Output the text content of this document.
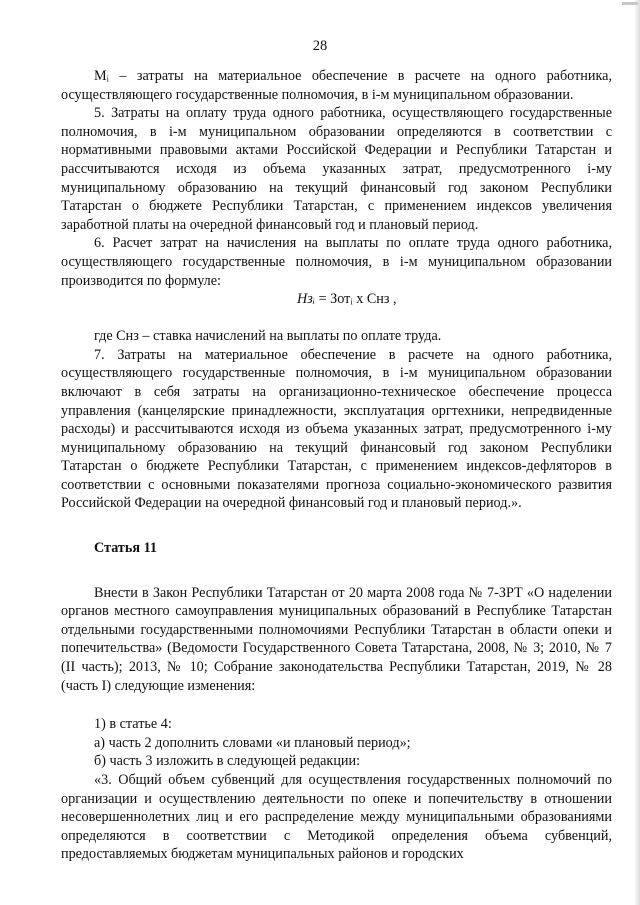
28

Mᵢ – затраты на материальное обеспечение в расчете на одного работника, осуществляющего государственные полномочия, в i-м муниципальном образовании.

5. Затраты на оплату труда одного работника, осуществляющего государственные полномочия, в i-м муниципальном образовании определяются в соответствии с нормативными правовыми актами Российской Федерации и Республики Татарстан и рассчитываются исходя из объема указанных затрат, предусмотренного i-му муниципальному образованию на текущий финансовый год законом Республики Татарстан о бюджете Республики Татарстан, с применением индексов увеличения заработной платы на очередной финансовый год и плановый период.

6. Расчет затрат на начисления на выплаты по оплате труда одного работника, осуществляющего государственные полномочия, в i-м муниципальном образовании производится по формуле:

Нзᵢ = Зотᵢ х Снз ,

где Снз – ставка начислений на выплаты по оплате труда.

7. Затраты на материальное обеспечение в расчете на одного работника, осуществляющего государственные полномочия, в i-м муниципальном образовании включают в себя затраты на организационно-техническое обеспечение процесса управления (канцелярские принадлежности, эксплуатация оргтехники, непредвиденные расходы) и рассчитываются исходя из объема указанных затрат, предусмотренного i-му муниципальному образованию на текущий финансовый год законом Республики Татарстан о бюджете Республики Татарстан, с применением индексов-дефляторов в соответствии с основными показателями прогноза социально-экономического развития Российской Федерации на очередной финансовый год и плановый период.».

Статья 11

Внести в Закон Республики Татарстан от 20 марта 2008 года № 7-ЗРТ «О наделении органов местного самоуправления муниципальных образований в Республике Татарстан отдельными государственными полномочиями Республики Татарстан в области опеки и попечительства» (Ведомости Государственного Совета Татарстана, 2008, № 3; 2010, № 7 (II часть); 2013, № 10; Собрание законодательства Республики Татарстан, 2019, № 28 (часть I) следующие изменения:

1) в статье 4:

а) часть 2 дополнить словами «и плановый период»;

б) часть 3 изложить в следующей редакции:

«3. Общий объем субвенций для осуществления государственных полномочий по организации и осуществлению деятельности по опеке и попечительству в отношении несовершеннолетних лиц и его распределение между муниципальными образованиями определяются в соответствии с Методикой определения объема субвенций, предоставляемых бюджетам муниципальных районов и городских
